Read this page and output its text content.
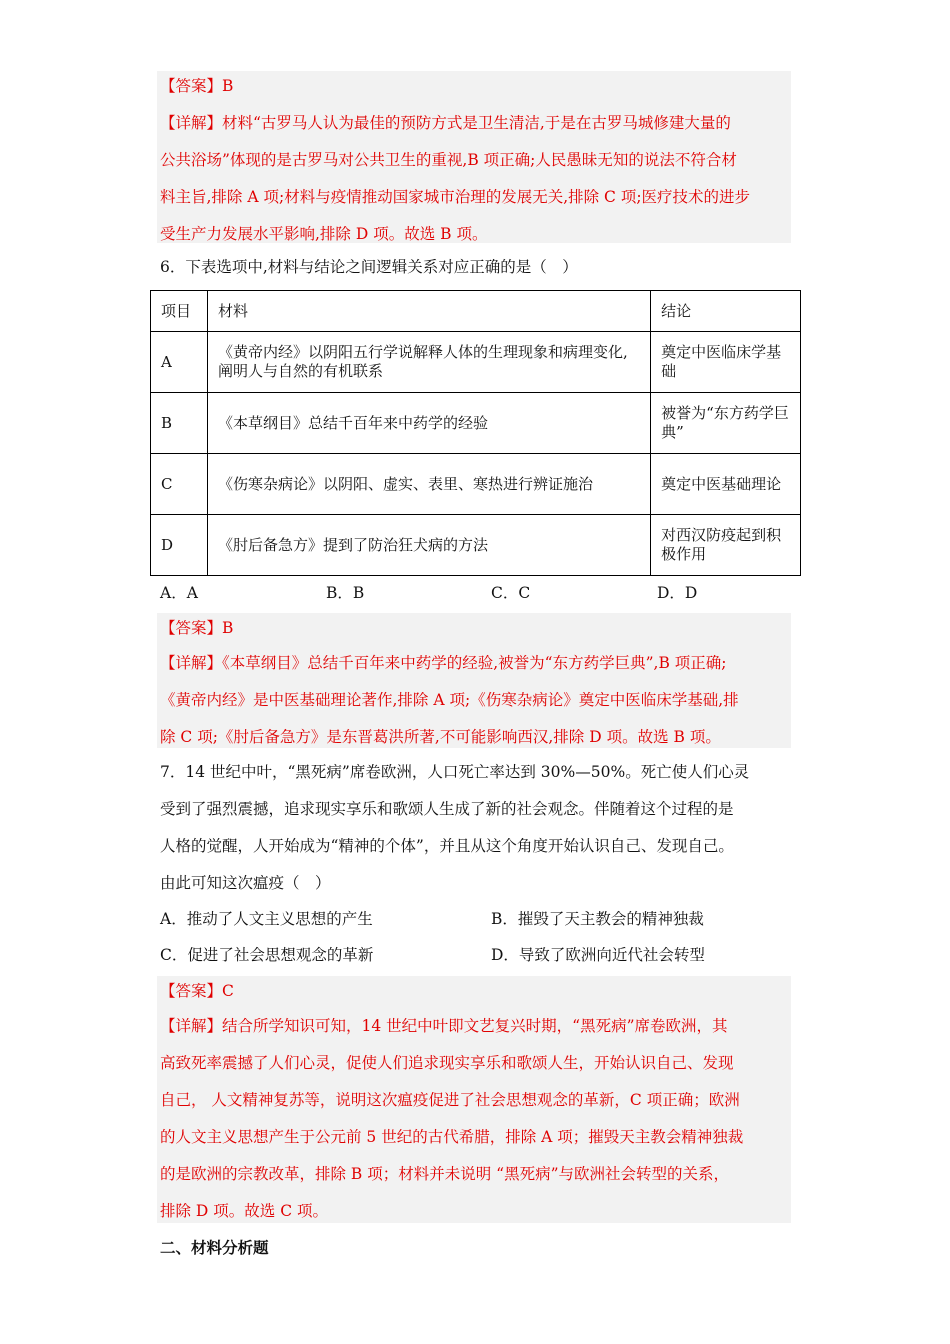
【答案】B
【详解】材料“古罗马人认为最佳的预防方式是卫生清洁,于是在古罗马城修建大量的
公共浴场”体现的是古罗马对公共卫生的重视,B 项正确;人民愚昧无知的说法不符合材
料主旨,排除 A 项;材料与疫情推动国家城市治理的发展无关,排除 C 项;医疗技术的进步
受生产力发展水平影响,排除 D 项。故选 B 项。
6．下表选项中,材料与结论之间逻辑关系对应正确的是（　）
项目	材料	结论
A	《黄帝内经》以阴阳五行学说解释人体的生理现象和病理变化,阐明人与自然的有机联系	奠定中医临床学基础
B	《本草纲目》总结千百年来中药学的经验	被誉为“东方药学巨典”
C	《伤寒杂病论》以阴阳、虚实、表里、寒热进行辨证施治	奠定中医基础理论
D	《肘后备急方》提到了防治狂犬病的方法	对西汉防疫起到积极作用
A．A	B．B	C．C	D．D
【答案】B
【详解】《本草纲目》总结千百年来中药学的经验,被誉为“东方药学巨典”,B 项正确;
《黄帝内经》是中医基础理论著作,排除 A 项;《伤寒杂病论》奠定中医临床学基础,排
除 C 项;《肘后备急方》是东晋葛洪所著,不可能影响西汉,排除 D 项。故选 B 项。
7．14 世纪中叶，“黑死病”席卷欧洲，人口死亡率达到 30%—50%。死亡使人们心灵
受到了强烈震撼，追求现实享乐和歌颂人生成了新的社会观念。伴随着这个过程的是
人格的觉醒，人开始成为“精神的个体”，并且从这个角度开始认识自己、发现自己。
由此可知这次瘟疫（　）
A．推动了人文主义思想的产生	B．摧毁了天主教会的精神独裁
C．促进了社会思想观念的革新	D．导致了欧洲向近代社会转型
【答案】C
【详解】结合所学知识可知，14 世纪中叶即文艺复兴时期，“黑死病”席卷欧洲，其
高致死率震撼了人们心灵，促使人们追求现实享乐和歌颂人生，开始认识自己、发现
自己， 人文精神复苏等，说明这次瘟疫促进了社会思想观念的革新，C 项正确；欧洲
的人文主义思想产生于公元前 5 世纪的古代希腊，排除 A 项；摧毁天主教会精神独裁
的是欧洲的宗教改革，排除 B 项；材料并未说明 “黑死病”与欧洲社会转型的关系，
排除 D 项。故选 C 项。
二、材料分析题
